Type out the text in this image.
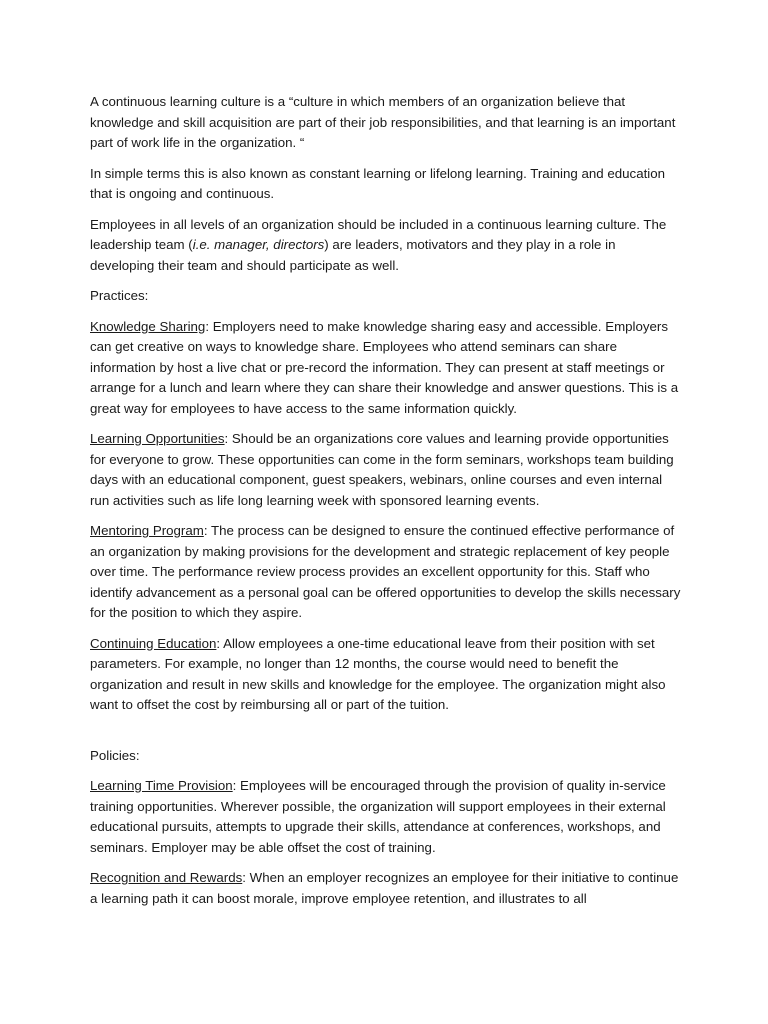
A continuous learning culture is a “culture in which members of an organization believe that knowledge and skill acquisition are part of their job responsibilities, and that learning is an important part of work life in the organization. “

In simple terms this is also known as constant learning or lifelong learning. Training and education that is ongoing and continuous.

Employees in all levels of an organization should be included in a continuous learning culture. The leadership team (i.e. manager, directors) are leaders, motivators and they play in a role in developing their team and should participate as well.

Practices:

Knowledge Sharing: Employers need to make knowledge sharing easy and accessible. Employers can get creative on ways to knowledge share. Employees who attend seminars can share information by host a live chat or pre-record the information. They can present at staff meetings or arrange for a lunch and learn where they can share their knowledge and answer questions. This is a great way for employees to have access to the same information quickly.

Learning Opportunities: Should be an organizations core values and learning provide opportunities for everyone to grow. These opportunities can come in the form seminars, workshops team building days with an educational component, guest speakers, webinars, online courses and even internal run activities such as life long learning week with sponsored learning events.

Mentoring Program: The process can be designed to ensure the continued effective performance of an organization by making provisions for the development and strategic replacement of key people over time. The performance review process provides an excellent opportunity for this. Staff who identify advancement as a personal goal can be offered opportunities to develop the skills necessary for the position to which they aspire.

Continuing Education: Allow employees a one-time educational leave from their position with set parameters. For example, no longer than 12 months, the course would need to benefit the organization and result in new skills and knowledge for the employee. The organization might also want to offset the cost by reimbursing all or part of the tuition.

Policies:

Learning Time Provision: Employees will be encouraged through the provision of quality in-service training opportunities. Wherever possible, the organization will support employees in their external educational pursuits, attempts to upgrade their skills, attendance at conferences, workshops, and seminars. Employer may be able offset the cost of training.

Recognition and Rewards: When an employer recognizes an employee for their initiative to continue a learning path it can boost morale, improve employee retention, and illustrates to all
